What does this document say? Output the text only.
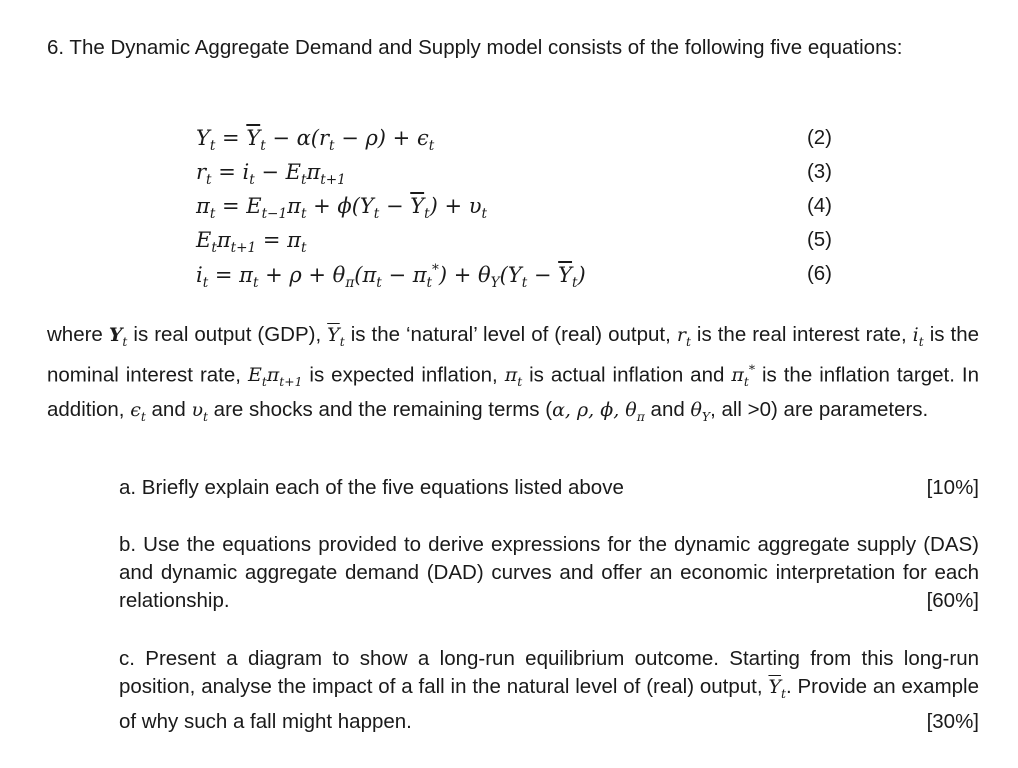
6. The Dynamic Aggregate Demand and Supply model consists of the following five equations:
$Y_t = \overline{Y}_t - \alpha(r_t - \rho) + \epsilon_t$	(2)
$r_t = i_t - E_t\pi_{t+1}$	(3)
$\pi_t = E_{t-1}\pi_t + \phi(Y_t - \overline{Y}_t) + \upsilon_t$	(4)
$E_t\pi_{t+1} = \pi_t$	(5)
$i_t = \pi_t + \rho + \theta_\pi(\pi_t - \pi_t^*) + \theta_Y(Y_t - \overline{Y}_t)$	(6)
where $Y_t$ is real output (GDP), $\overline{Y}_t$ is the ‘natural’ level of (real) output, $r_t$ is the real interest rate, $i_t$ is the nominal interest rate, $E_t\pi_{t+1}$ is expected inflation, $\pi_t$ is actual inflation and $\pi_t^*$ is the inflation target. In addition, $\epsilon_t$ and $\upsilon_t$ are shocks and the remaining terms (α, ρ, ϕ, $\theta_\pi$ and $\theta_Y$, all >0) are parameters.
a. Briefly explain each of the five equations listed above	[10%]
b. Use the equations provided to derive expressions for the dynamic aggregate supply (DAS) and dynamic aggregate demand (DAD) curves and offer an economic interpretation for each relationship.	[60%]
c. Present a diagram to show a long-run equilibrium outcome. Starting from this long-run position, analyse the impact of a fall in the natural level of (real) output, $\overline{Y}_t$. Provide an example of why such a fall might happen.	[30%]
